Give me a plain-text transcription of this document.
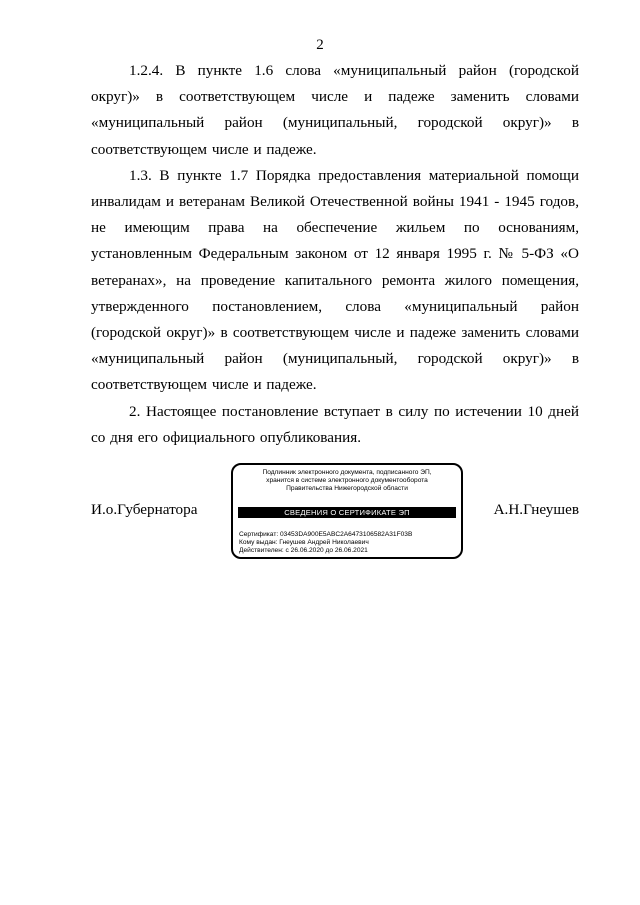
2

1.2.4. В пункте 1.6 слова «муниципальный район (городской округ)» в соответствующем числе и падеже заменить словами «муниципальный район (муниципальный, городской округ)» в соответствующем числе и падеже.

1.3. В пункте 1.7 Порядка предоставления материальной помощи инвалидам и ветеранам Великой Отечественной войны 1941 - 1945 годов, не имеющим права на обеспечение жильем по основаниям, установленным Федеральным законом от 12 января 1995 г. № 5-ФЗ «О ветеранах», на проведение капитального ремонта жилого помещения, утвержденного постановлением, слова «муниципальный район (городской округ)» в соответствующем числе и падеже заменить словами «муниципальный район (муниципальный, городской округ)» в соответствующем числе и падеже.

2. Настоящее постановление вступает в силу по истечении 10 дней со дня его официального опубликования.

И.о.Губернатора
Подлинник электронного документа, подписанного ЭП,
хранится в системе электронного документооборота
Правительства Нижегородской области
СВЕДЕНИЯ О СЕРТИФИКАТЕ ЭП
Сертификат: 03453DA900E5ABC2A6473106582A31F03B
Кому выдан: Гнеушев Андрей Николаевич
Действителен: с 26.06.2020 до 26.06.2021
А.Н.Гнеушев
